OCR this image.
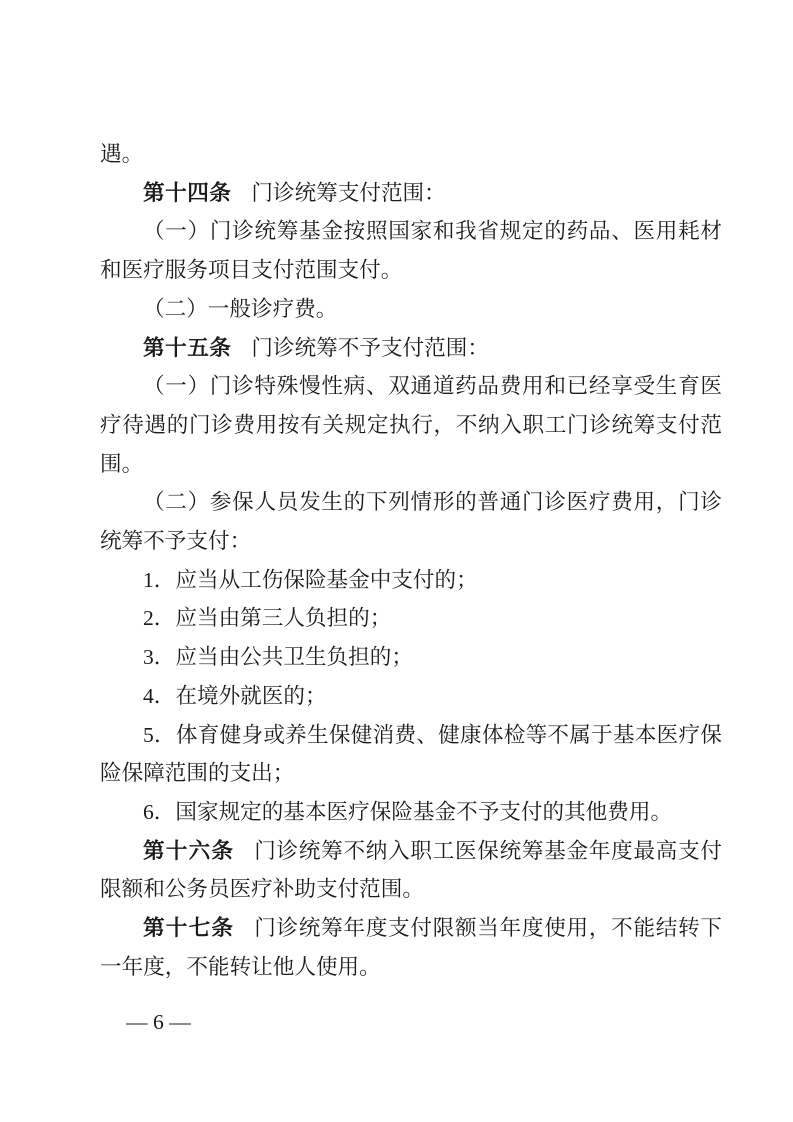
遇。

第十四条 门诊统筹支付范围：

（一）门诊统筹基金按照国家和我省规定的药品、医用耗材和医疗服务项目支付范围支付。

（二）一般诊疗费。

第十五条 门诊统筹不予支付范围：

（一）门诊特殊慢性病、双通道药品费用和已经享受生育医疗待遇的门诊费用按有关规定执行，不纳入职工门诊统筹支付范围。

（二）参保人员发生的下列情形的普通门诊医疗费用，门诊统筹不予支付：

1．应当从工伤保险基金中支付的；

2．应当由第三人负担的；

3．应当由公共卫生负担的；

4．在境外就医的；

5．体育健身或养生保健消费、健康体检等不属于基本医疗保险保障范围的支出；

6．国家规定的基本医疗保险基金不予支付的其他费用。

第十六条 门诊统筹不纳入职工医保统筹基金年度最高支付限额和公务员医疗补助支付范围。

第十七条 门诊统筹年度支付限额当年度使用，不能结转下一年度，不能转让他人使用。

— 6 —
